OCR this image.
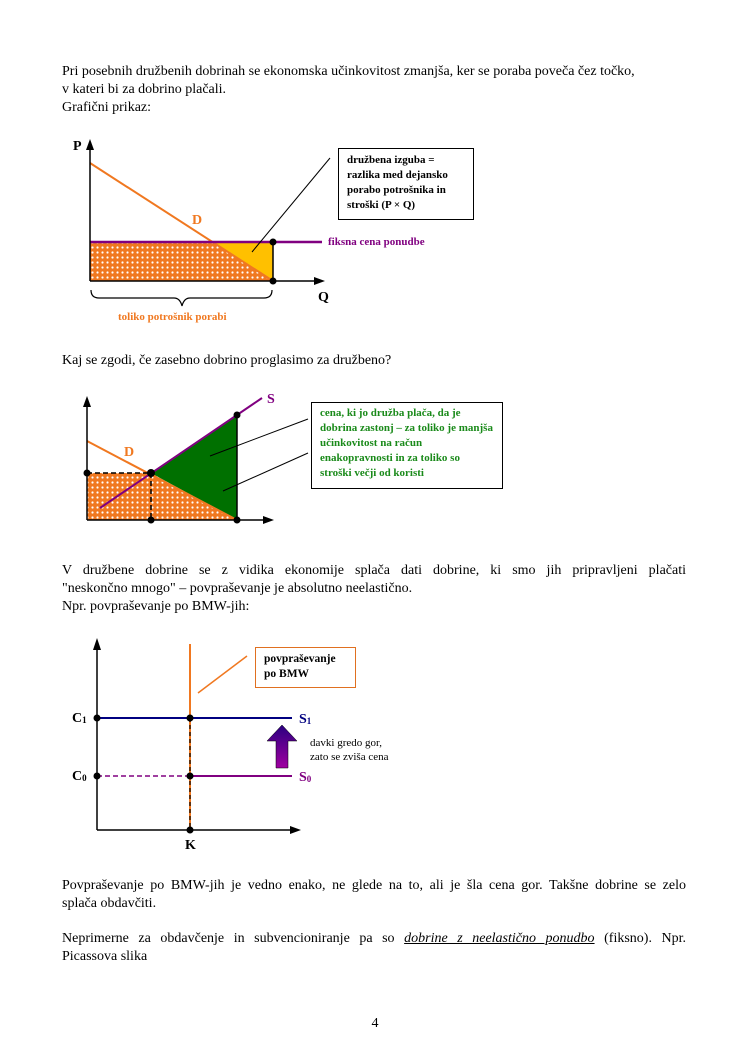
Pri posebnih družbenih dobrinah se ekonomska učinkovitost zmanjša, ker se poraba poveča čez točko,
v kateri bi za dobrino plačali.
Grafični prikaz:
P
Q
D
fiksna cena ponudbe
toliko potrošnik porabi
družbena izguba = razlika med dejansko porabo potrošnika in stroški (P × Q)
Kaj se zgodi, če zasebno dobrino proglasimo za družbeno?
S
D
cena, ki jo družba plača, da je dobrina zastonj – za toliko je manjša učinkovitost na račun enakopravnosti in za toliko so stroški večji od koristi
V družbene dobrine se z vidika ekonomije splača dati dobrine, ki smo jih pripravljeni plačati
"neskončno mnogo" – povpraševanje je absolutno neelastično.
Npr. povpraševanje po BMW-jih:
C1
C0
K
S1
S0
davki gredo gor,
zato se zviša cena
povpraševanje po BMW
Povpraševanje po BMW-jih je vedno enako, ne glede na to, ali je šla cena gor. Takšne dobrine se zelo
splača obdavčiti.
Neprimerne za obdavčenje in subvencioniranje pa so dobrine z neelastično ponudbo (fiksno). Npr.
Picassova slika
4
